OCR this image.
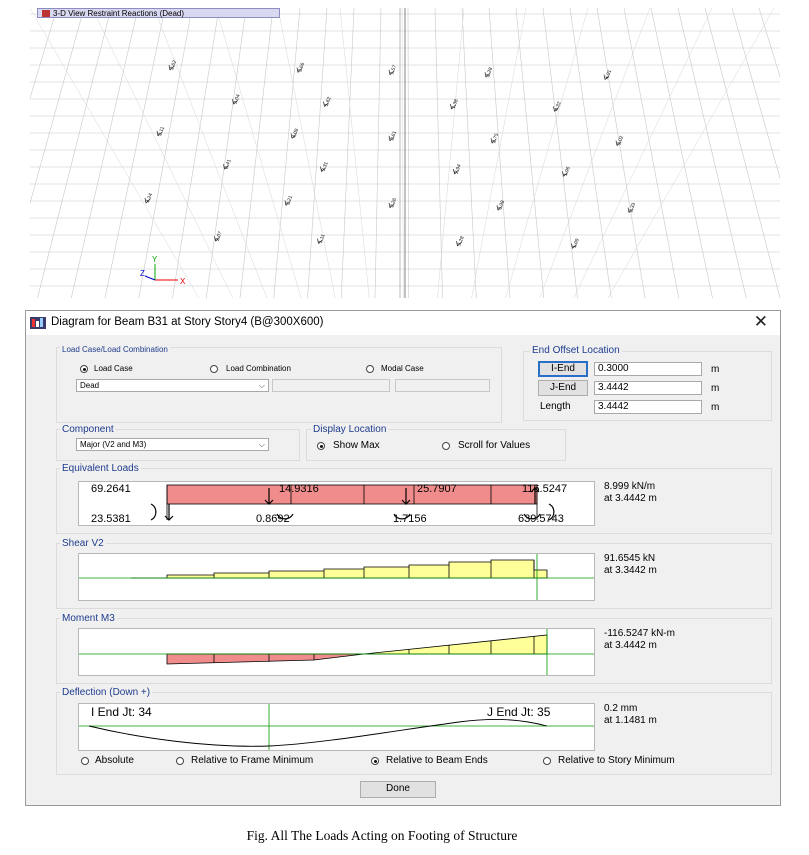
X
Y
Z
2.62	3.66	1.57	2.28	4.91
3.04	1.62	1.38	4.32
2.11	4.08	2.61	2.75	3.02
6.41	3.31	2.94	1.96
4.24	3.21	2.26	3.98	2.33
2.07	1.11	3.28	1.99
3-D View Restraint Reactions (Dead)
Diagram for Beam B31 at Story Story4 (B@300X600)	✕
Load Case/Load Combination
Load Case	Load Combination	Modal Case
Dead	⌵
End Offset Location
I-End	0.3000	m
J-End	3.4442	m
Length	3.4442	m
Component
Major (V2 and M3)	⌵
Display Location
Show Max	Scroll for Values
Equivalent Loads
69.2641	14.9316	25.7907	116.5247
23.5381	0.8692	1.7156	639.5743
8.999 kN/m
at 3.4442 m
Shear V2
91.6545 kN
at 3.3442 m
Moment M3
-116.5247 kN-m
at 3.4442 m
Deflection (Down +)
I End Jt: 34	J End Jt: 35	0.2 mm
at 1.1481 m
Absolute	Relative to Frame Minimum	Relative to Beam Ends	Relative to Story Minimum
Done
Fig. All The Loads Acting on Footing of Structure
